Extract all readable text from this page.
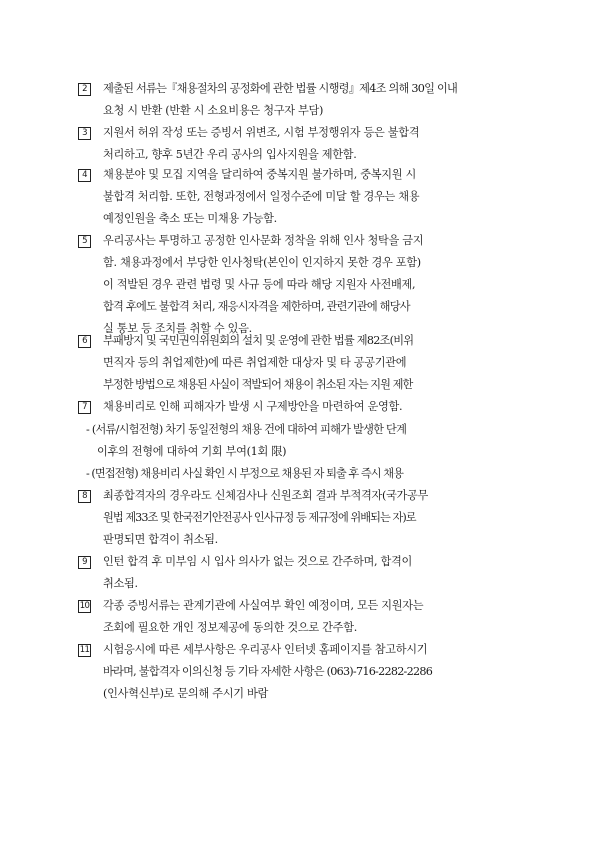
2	제출된 서류는『채용절차의 공정화에 관한 법률 시행령』제4조 의해 30일 이내
요청 시 반환 (반환 시 소요비용은 청구자 부담)
3	지원서 허위 작성 또는 증빙서 위변조, 시험 부정행위자 등은 불합격
처리하고, 향후 5년간 우리 공사의 입사지원을 제한함.
4	채용분야 및 모집 지역을 달리하여 중복지원 불가하며, 중복지원 시
불합격 처리함. 또한, 전형과정에서 일정수준에 미달 할 경우는 채용
예정인원을 축소 또는 미채용 가능함.
5	우리공사는 투명하고 공정한 인사문화 정착을 위해 인사 청탁을 금지
함. 채용과정에서 부당한 인사청탁(본인이 인지하지 못한 경우 포함)
이 적발된 경우 관련 법령 및 사규 등에 따라 해당 지원자 사전배제,
합격 후에도 불합격 처리, 재응시자격을 제한하며, 관련기관에 해당사
실 통보 등 조치를 취할 수 있음.
6	부패방지 및 국민권익위원회의 설치 및 운영에 관한 법률 제82조(비위
면직자 등의 취업제한)에 따른 취업제한 대상자 및 타 공공기관에
부정한 방법으로 채용된 사실이 적발되어 채용이 취소된 자는 지원 제한
7	채용비리로 인해 피해자가 발생 시 구제방안을 마련하여 운영함.
- (서류/시험전형) 차기 동일전형의 채용 건에 대하여 피해가 발생한 단계
이후의 전형에 대하여 기회 부여(1회 限)
- (면접전형) 채용비리 사실 확인 시 부정으로 채용된 자 퇴출 후 즉시 채용
8	최종합격자의 경우라도 신체검사나 신원조회 결과 부적격자(국가공무
원법 제33조 및 한국전기안전공사 인사규정 등 제규정에 위배되는 자)로
판명되면 합격이 취소됨.
9	인턴 합격 후 미부임 시 입사 의사가 없는 것으로 간주하며, 합격이
취소됨.
10 각종 증빙서류는 관계기관에 사실여부 확인 예정이며, 모든 지원자는
조회에 필요한 개인 정보제공에 동의한 것으로 간주함.
11 시험응시에 따른 세부사항은 우리공사 인터넷 홈페이지를 참고하시기
바라며, 불합격자 이의신청 등 기타 자세한 사항은 (063)-716-2282-2286
(인사혁신부)로 문의해 주시기 바람
